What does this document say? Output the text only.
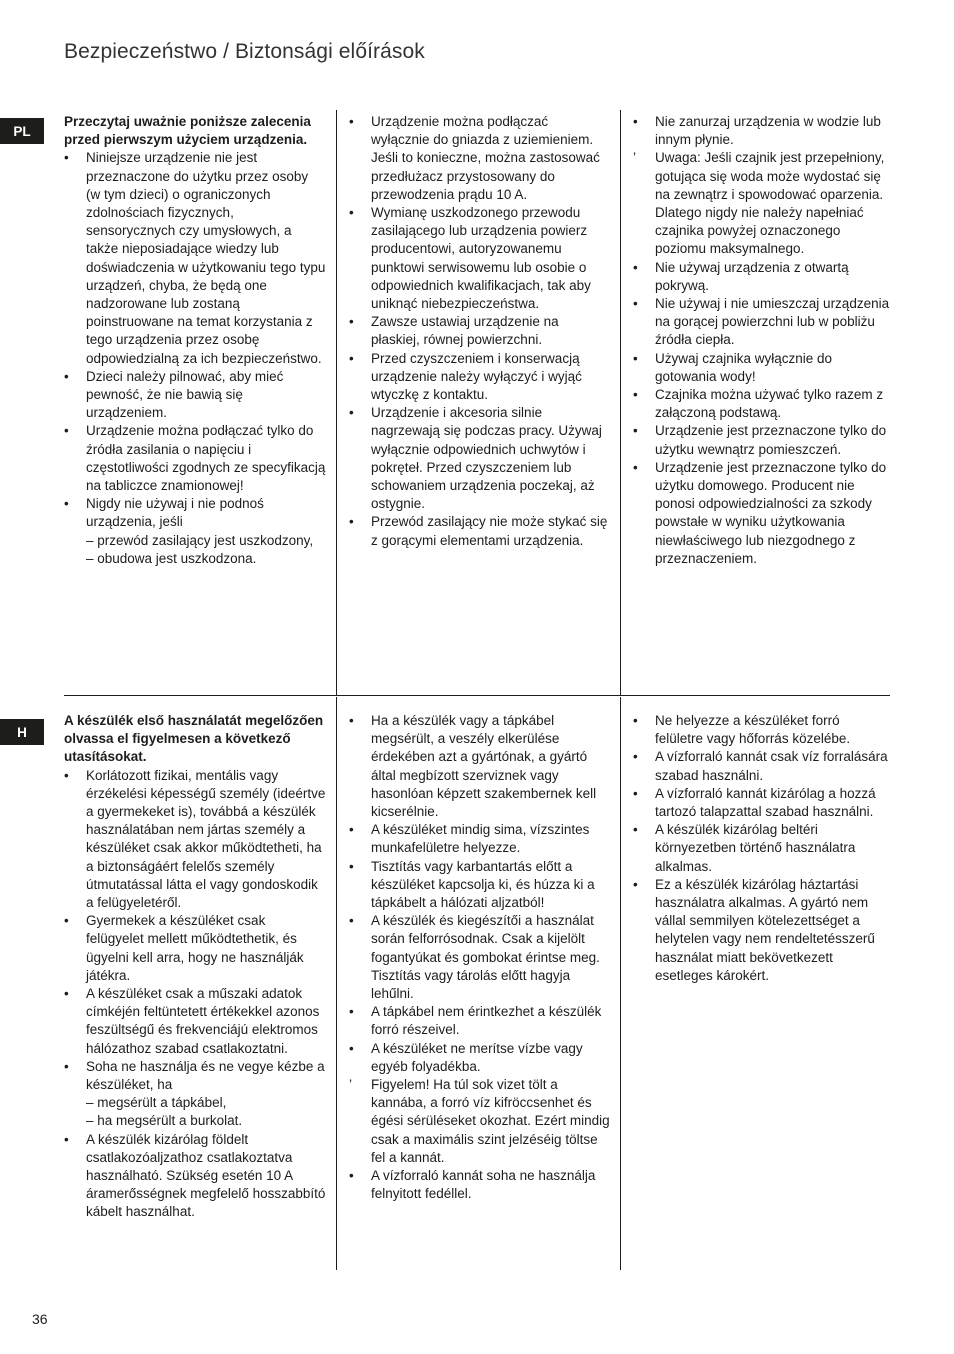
Bezpieczeństwo / Biztonsági előírások
PL
H
Przeczytaj uważnie poniższe zalecenia przed pierwszym użyciem urządzenia.
•	Niniejsze urządzenie nie jest przeznaczone do użytku przez osoby (w tym dzieci) o ograniczonych zdolnościach fizycznych, sensorycznych czy umysłowych, a także nieposiadające wiedzy lub doświadczenia w użytkowaniu tego typu urządzeń, chyba, że będą one nadzorowane lub zostaną poinstruowane na temat korzystania z tego urządzenia przez osobę odpowiedzialną za ich bezpieczeństwo.
•	Dzieci należy pilnować, aby mieć pewność, że nie bawią się urządzeniem.
•	Urządzenie można podłączać tylko do źródła zasilania o napięciu i częstotliwości zgodnych ze specyfikacją na tabliczce znamionowej!
•	Nigdy nie używaj i nie podnoś urządzenia, jeśli
– przewód zasilający jest uszkodzony,
– obudowa jest uszkodzona.
•	Urządzenie można podłączać wyłącznie do gniazda z uziemieniem. Jeśli to konieczne, można zastosować przedłużacz przystosowany do przewodzenia prądu 10 A.
•	Wymianę uszkodzonego przewodu zasilającego lub urządzenia powierz producentowi, autoryzowanemu punktowi serwisowemu lub osobie o odpowiednich kwalifikacjach, tak aby uniknąć niebezpieczeństwa.
•	Zawsze ustawiaj urządzenie na płaskiej, równej powierzchni.
•	Przed czyszczeniem i konserwacją urządzenie należy wyłączyć i wyjąć wtyczkę z kontaktu.
•	Urządzenie i akcesoria silnie nagrzewają się podczas pracy. Używaj wyłącznie odpowiednich uchwytów i pokręteł. Przed czyszczeniem lub schowaniem urządzenia poczekaj, aż ostygnie.
•	Przewód zasilający nie może stykać się z gorącymi elementami urządzenia.
•	Nie zanurzaj urządzenia w wodzie lub innym płynie.
’	Uwaga: Jeśli czajnik jest przepełniony, gotująca się woda może wydostać się na zewnątrz i spowodować oparzenia. Dlatego nigdy nie należy napełniać czajnika powyżej oznaczonego poziomu maksymalnego.
•	Nie używaj urządzenia z otwartą pokrywą.
•	Nie używaj i nie umieszczaj urządzenia na gorącej powierzchni lub w pobliżu źródła ciepła.
•	Używaj czajnika wyłącznie do gotowania wody!
•	Czajnika można używać tylko razem z załączoną podstawą.
•	Urządzenie jest przeznaczone tylko do użytku wewnątrz pomieszczeń.
•	Urządzenie jest przeznaczone tylko do użytku domowego. Producent nie ponosi odpowiedzialności za szkody powstałe w wyniku użytkowania niewłaściwego lub niezgodnego z przeznaczeniem.
A készülék első használatát megelőzően olvassa el figyelmesen a következő utasításokat.
•	Korlátozott fizikai, mentális vagy érzékelési képességű személy (ideértve a gyermekeket is), továbbá a készülék használatában nem jártas személy a készüléket csak akkor működtetheti, ha a biztonságáért felelős személy útmutatással látta el vagy gondoskodik a felügyeletéről.
•	Gyermekek a készüléket csak felügyelet mellett működtethetik, és ügyelni kell arra, hogy ne használják játékra.
•	A készüléket csak a műszaki adatok címkéjén feltüntetett értékekkel azonos feszültségű és frekvenciájú elektromos hálózathoz szabad csatlakoztatni.
•	Soha ne használja és ne vegye kézbe a készüléket, ha
– megsérült a tápkábel,
– ha megsérült a burkolat.
•	A készülék kizárólag földelt csatlakozóaljzathoz csatlakoztatva használható. Szükség esetén 10 A áramerősségnek megfelelő hosszabbító kábelt használhat.
•	Ha a készülék vagy a tápkábel megsérült, a veszély elkerülése érdekében azt a gyártónak, a gyártó által megbízott szerviznek vagy hasonlóan képzett szakembernek kell kicserélnie.
•	A készüléket mindig sima, vízszintes munkafelületre helyezze.
•	Tisztítás vagy karbantartás előtt a készüléket kapcsolja ki, és húzza ki a tápkábelt a hálózati aljzatból!
•	A készülék és kiegészítői a használat során felforrósodnak. Csak a kijelölt fogantyúkat és gombokat érintse meg. Tisztítás vagy tárolás előtt hagyja lehűlni.
•	A tápkábel nem érintkezhet a készülék forró részeivel.
•	A készüléket ne merítse vízbe vagy egyéb folyadékba.
’	Figyelem! Ha túl sok vizet tölt a kannába, a forró víz kifröccsenhet és égési sérüléseket okozhat. Ezért mindig csak a maximális szint jelzéséig töltse fel a kannát.
•	A vízforraló kannát soha ne használja felnyitott fedéllel.
•	Ne helyezze a készüléket forró felületre vagy hőforrás közelébe.
•	A vízforraló kannát csak víz forralására szabad használni.
•	A vízforraló kannát kizárólag a hozzá tartozó talapzattal szabad használni.
•	A készülék kizárólag beltéri környezetben történő használatra alkalmas.
•	Ez a készülék kizárólag háztartási használatra alkalmas. A gyártó nem vállal semmilyen kötelezettséget a helytelen vagy nem rendeltetésszerű használat miatt bekövetkezett esetleges károkért.
36
